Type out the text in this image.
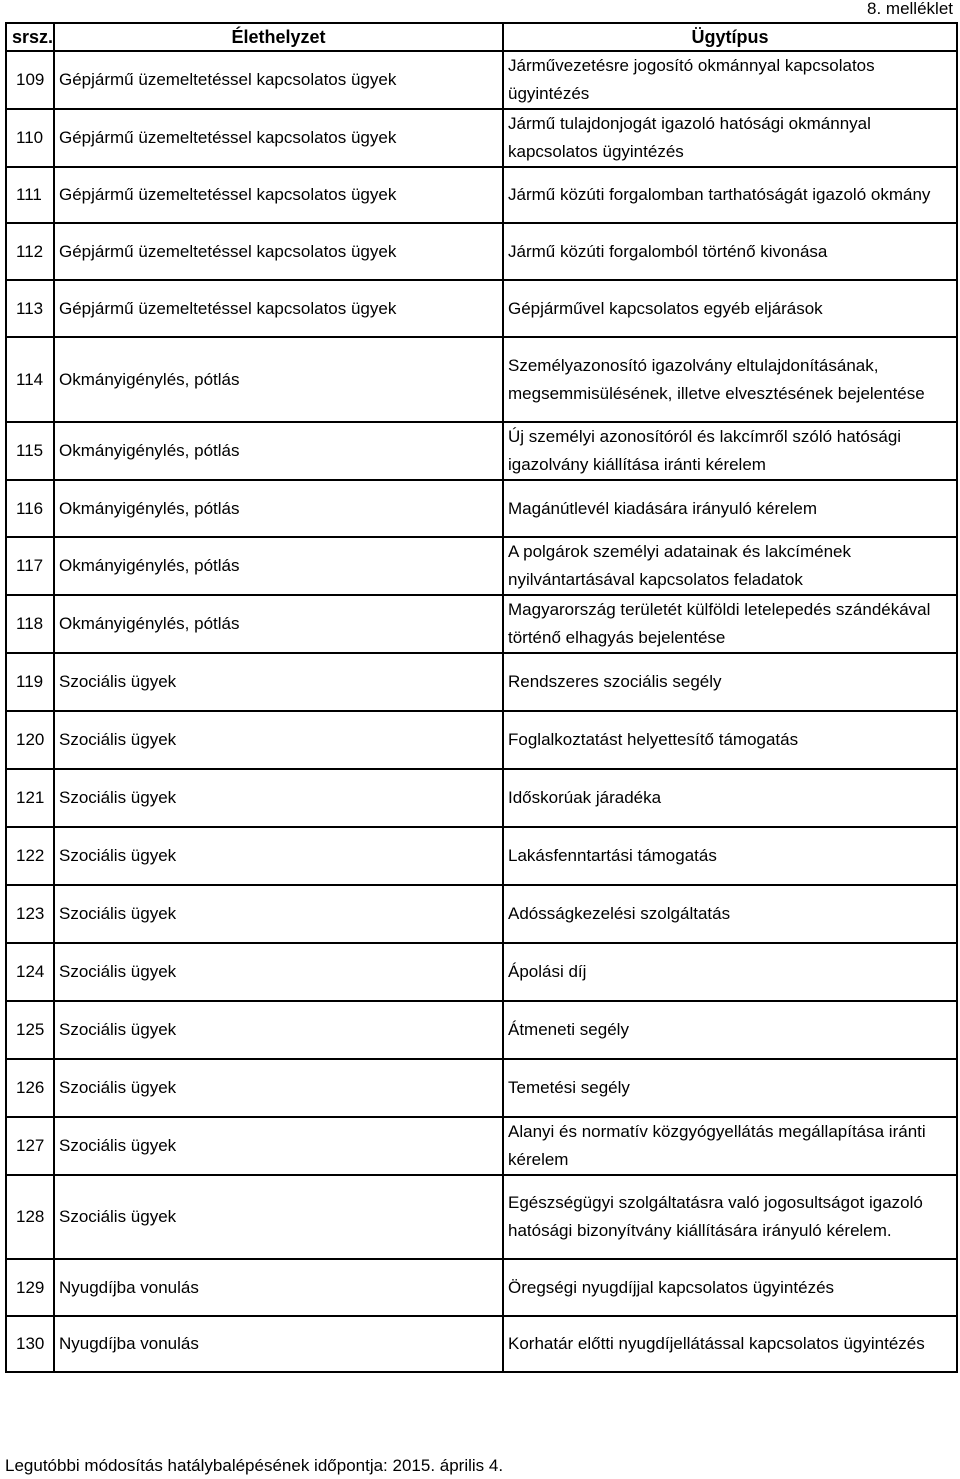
8. melléklet
srsz.	Élethelyzet	Ügytípus
109	Gépjármű üzemeltetéssel kapcsolatos ügyek	Járművezetésre jogosító okmánnyal kapcsolatos ügyintézés
110	Gépjármű üzemeltetéssel kapcsolatos ügyek	Jármű tulajdonjogát igazoló hatósági okmánnyal kapcsolatos ügyintézés
111	Gépjármű üzemeltetéssel kapcsolatos ügyek	Jármű közúti forgalomban tarthatóságát igazoló okmány
112	Gépjármű üzemeltetéssel kapcsolatos ügyek	Jármű közúti forgalomból történő kivonása
113	Gépjármű üzemeltetéssel kapcsolatos ügyek	Gépjárművel kapcsolatos egyéb eljárások
114	Okmányigénylés, pótlás	Személyazonosító igazolvány eltulajdonításának, megsemmisülésének, illetve elvesztésének bejelentése
115	Okmányigénylés, pótlás	Új személyi azonosítóról és lakcímről szóló hatósági igazolvány kiállítása iránti kérelem
116	Okmányigénylés, pótlás	Magánútlevél kiadására irányuló kérelem
117	Okmányigénylés, pótlás	A polgárok személyi adatainak és lakcímének nyilvántartásával kapcsolatos feladatok
118	Okmányigénylés, pótlás	Magyarország területét külföldi letelepedés szándékával történő elhagyás bejelentése
119	Szociális ügyek	Rendszeres szociális segély
120	Szociális ügyek	Foglalkoztatást helyettesítő támogatás
121	Szociális ügyek	Időskorúak járadéka
122	Szociális ügyek	Lakásfenntartási támogatás
123	Szociális ügyek	Adósságkezelési szolgáltatás
124	Szociális ügyek	Ápolási díj
125	Szociális ügyek	Átmeneti segély
126	Szociális ügyek	Temetési segély
127	Szociális ügyek	Alanyi és normatív közgyógyellátás megállapítása iránti kérelem
128	Szociális ügyek	Egészségügyi szolgáltatásra való jogosultságot igazoló hatósági bizonyítvány kiállítására irányuló kérelem.
129	Nyugdíjba vonulás	Öregségi nyugdíjjal kapcsolatos ügyintézés
130	Nyugdíjba vonulás	Korhatár előtti nyugdíjellátással kapcsolatos ügyintézés
Legutóbbi módosítás hatálybalépésének időpontja: 2015. április 4.
